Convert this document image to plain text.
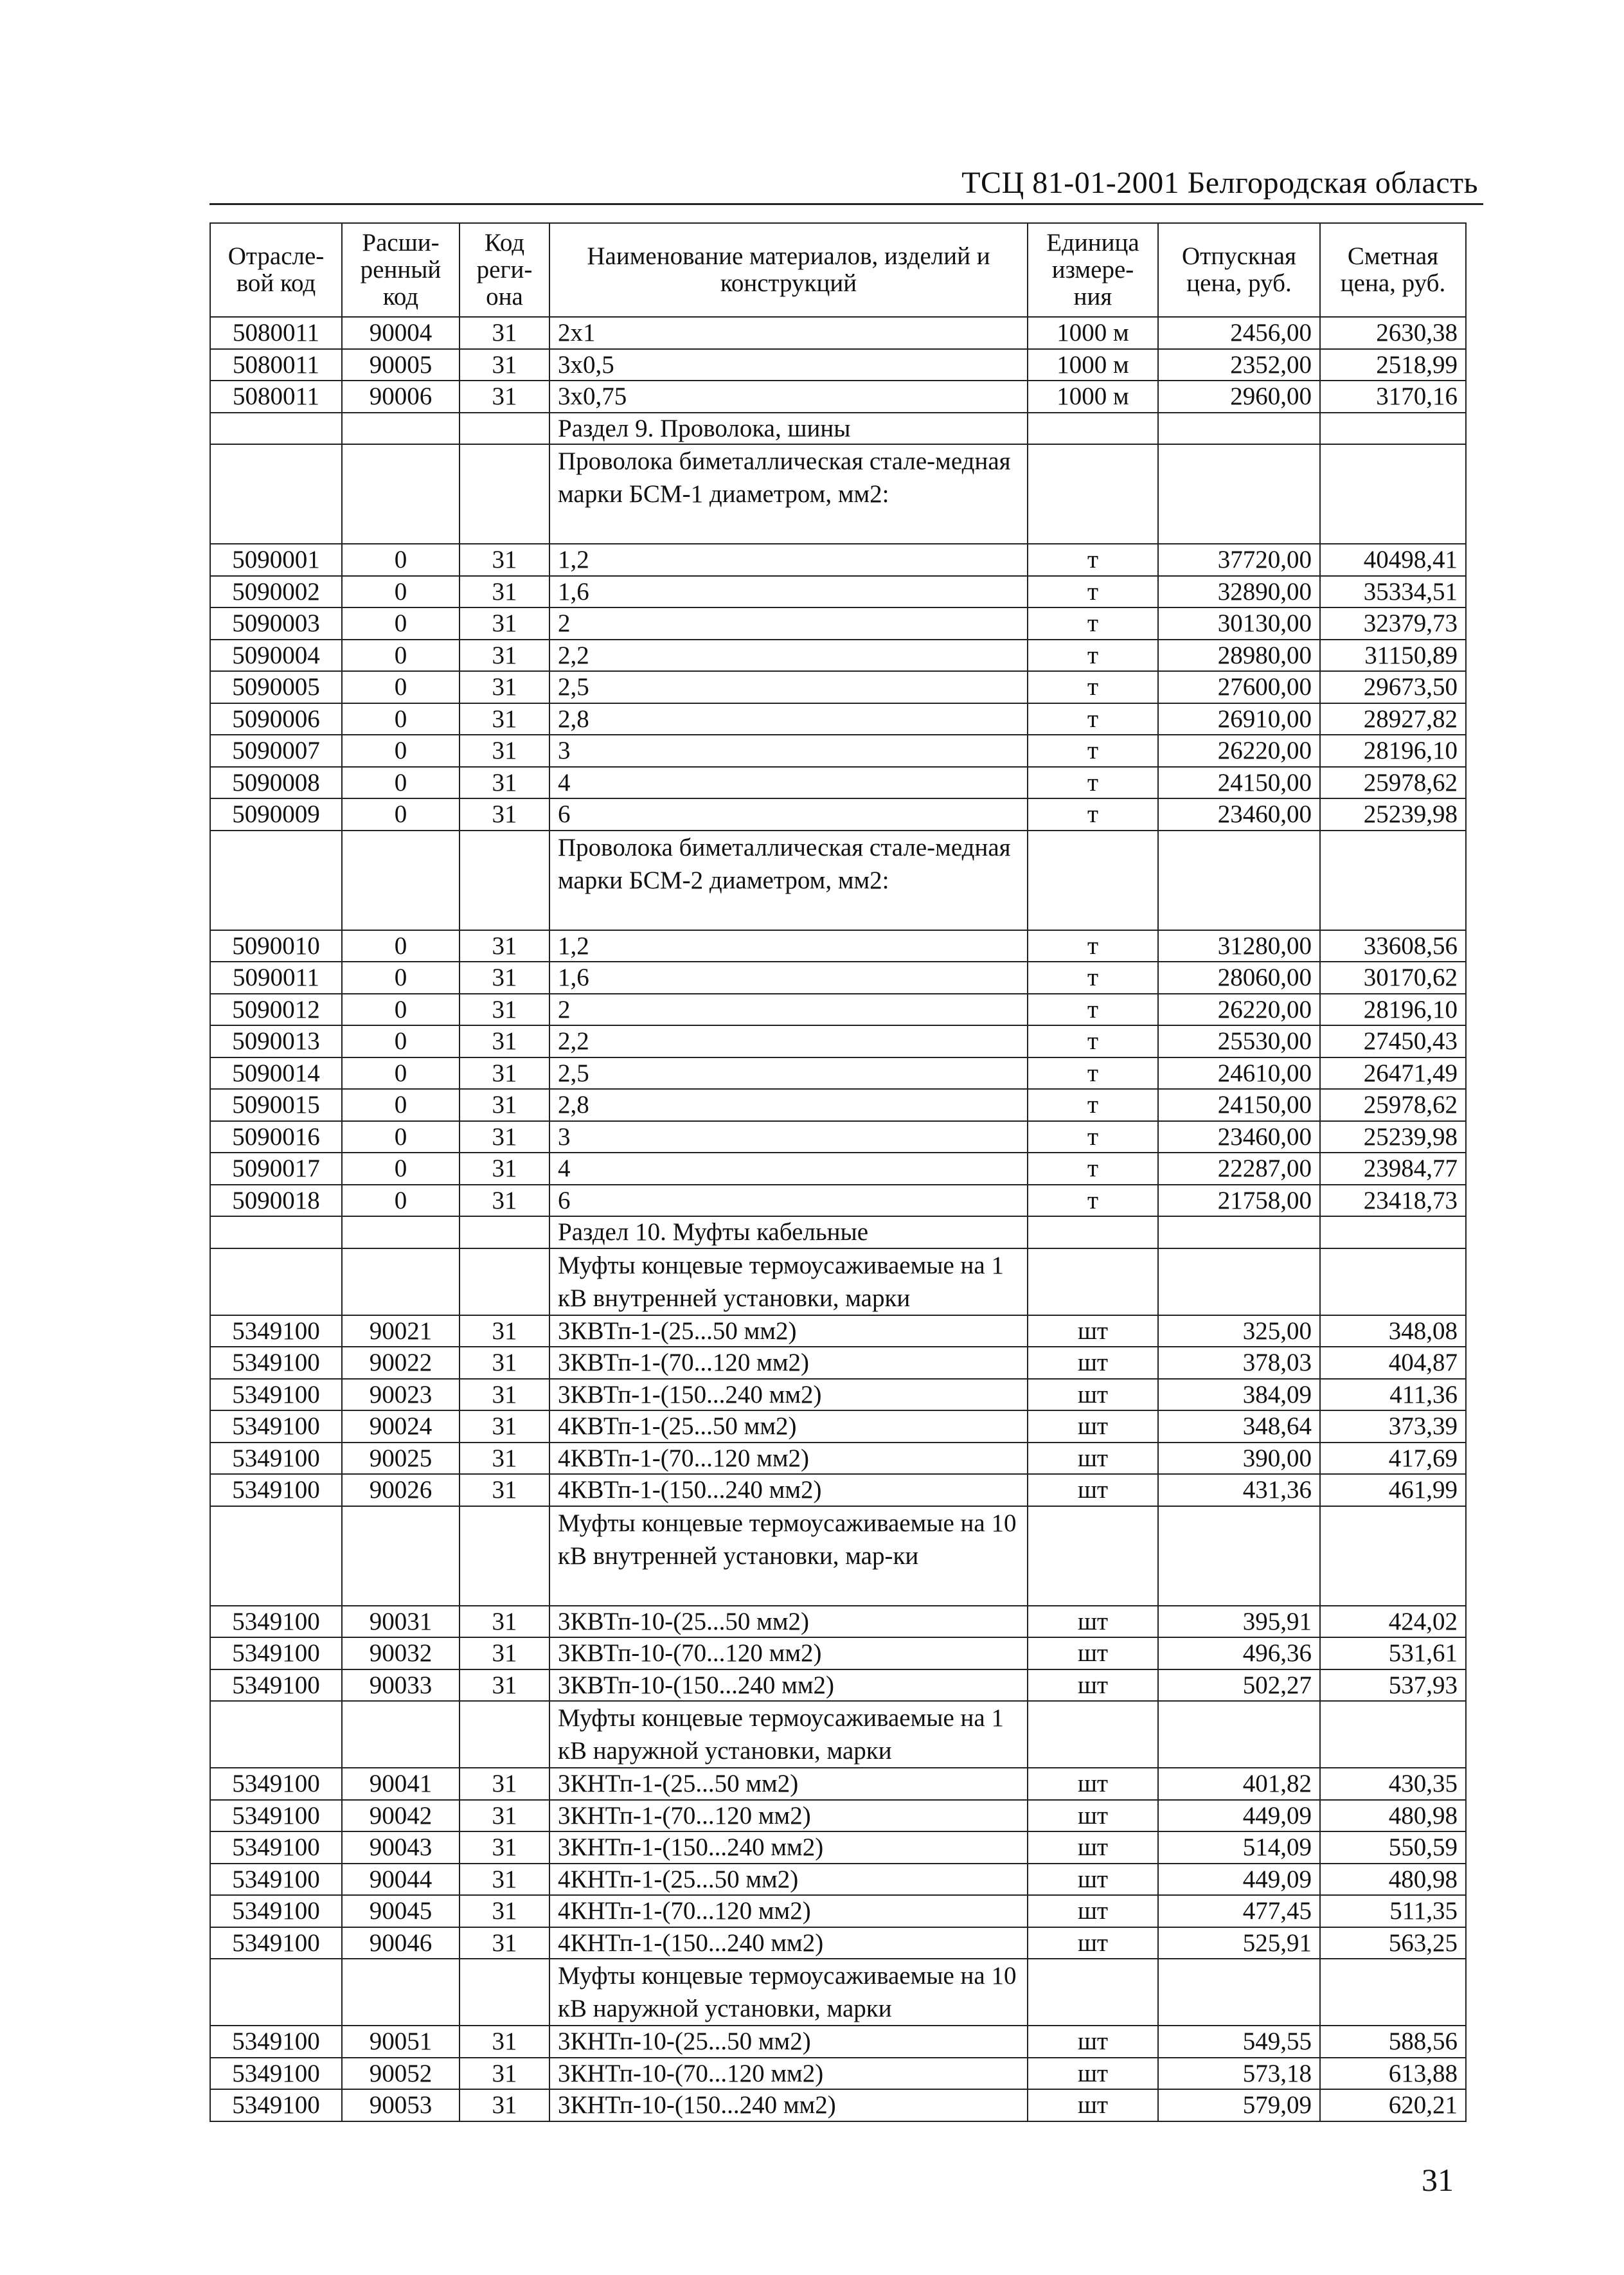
ТСЦ 81-01-2001 Белгородская область
Отрасле-вой код	Расши-ренный код	Код реги-она	Наименование материалов, изделий и конструкций	Единица измере-ния	Отпускная цена, руб.	Сметная цена, руб.
5080011	90004	31	2х1	1000 м	2456,00	2630,38
5080011	90005	31	3х0,5	1000 м	2352,00	2518,99
5080011	90006	31	3х0,75	1000 м	2960,00	3170,16
			Раздел 9. Проволока, шины			
			Проволока биметаллическая стале-медная марки БСМ-1 диаметром, мм2:			
5090001	0	31	1,2	т	37720,00	40498,41
5090002	0	31	1,6	т	32890,00	35334,51
5090003	0	31	2	т	30130,00	32379,73
5090004	0	31	2,2	т	28980,00	31150,89
5090005	0	31	2,5	т	27600,00	29673,50
5090006	0	31	2,8	т	26910,00	28927,82
5090007	0	31	3	т	26220,00	28196,10
5090008	0	31	4	т	24150,00	25978,62
5090009	0	31	6	т	23460,00	25239,98
			Проволока биметаллическая стале-медная марки БСМ-2 диаметром, мм2:			
5090010	0	31	1,2	т	31280,00	33608,56
5090011	0	31	1,6	т	28060,00	30170,62
5090012	0	31	2	т	26220,00	28196,10
5090013	0	31	2,2	т	25530,00	27450,43
5090014	0	31	2,5	т	24610,00	26471,49
5090015	0	31	2,8	т	24150,00	25978,62
5090016	0	31	3	т	23460,00	25239,98
5090017	0	31	4	т	22287,00	23984,77
5090018	0	31	6	т	21758,00	23418,73
			Раздел 10. Муфты кабельные			
			Муфты концевые термоусаживаемые на 1 кВ внутренней установки, марки			
5349100	90021	31	3КВТп-1-(25...50 мм2)	шт	325,00	348,08
5349100	90022	31	3КВТп-1-(70...120 мм2)	шт	378,03	404,87
5349100	90023	31	3КВТп-1-(150...240 мм2)	шт	384,09	411,36
5349100	90024	31	4КВТп-1-(25...50 мм2)	шт	348,64	373,39
5349100	90025	31	4КВТп-1-(70...120 мм2)	шт	390,00	417,69
5349100	90026	31	4КВТп-1-(150...240 мм2)	шт	431,36	461,99
			Муфты концевые термоусаживаемые на 10 кВ внутренней установки, мар-ки			
5349100	90031	31	3КВТп-10-(25...50 мм2)	шт	395,91	424,02
5349100	90032	31	3КВТп-10-(70...120 мм2)	шт	496,36	531,61
5349100	90033	31	3КВТп-10-(150...240 мм2)	шт	502,27	537,93
			Муфты концевые термоусаживаемые на 1 кВ наружной установки, марки			
5349100	90041	31	3КНТп-1-(25...50 мм2)	шт	401,82	430,35
5349100	90042	31	3КНТп-1-(70...120 мм2)	шт	449,09	480,98
5349100	90043	31	3КНТп-1-(150...240 мм2)	шт	514,09	550,59
5349100	90044	31	4КНТп-1-(25...50 мм2)	шт	449,09	480,98
5349100	90045	31	4КНТп-1-(70...120 мм2)	шт	477,45	511,35
5349100	90046	31	4КНТп-1-(150...240 мм2)	шт	525,91	563,25
			Муфты концевые термоусаживаемые на 10 кВ наружной установки, марки			
5349100	90051	31	3КНТп-10-(25...50 мм2)	шт	549,55	588,56
5349100	90052	31	3КНТп-10-(70...120 мм2)	шт	573,18	613,88
5349100	90053	31	3КНТп-10-(150...240 мм2)	шт	579,09	620,21
31
